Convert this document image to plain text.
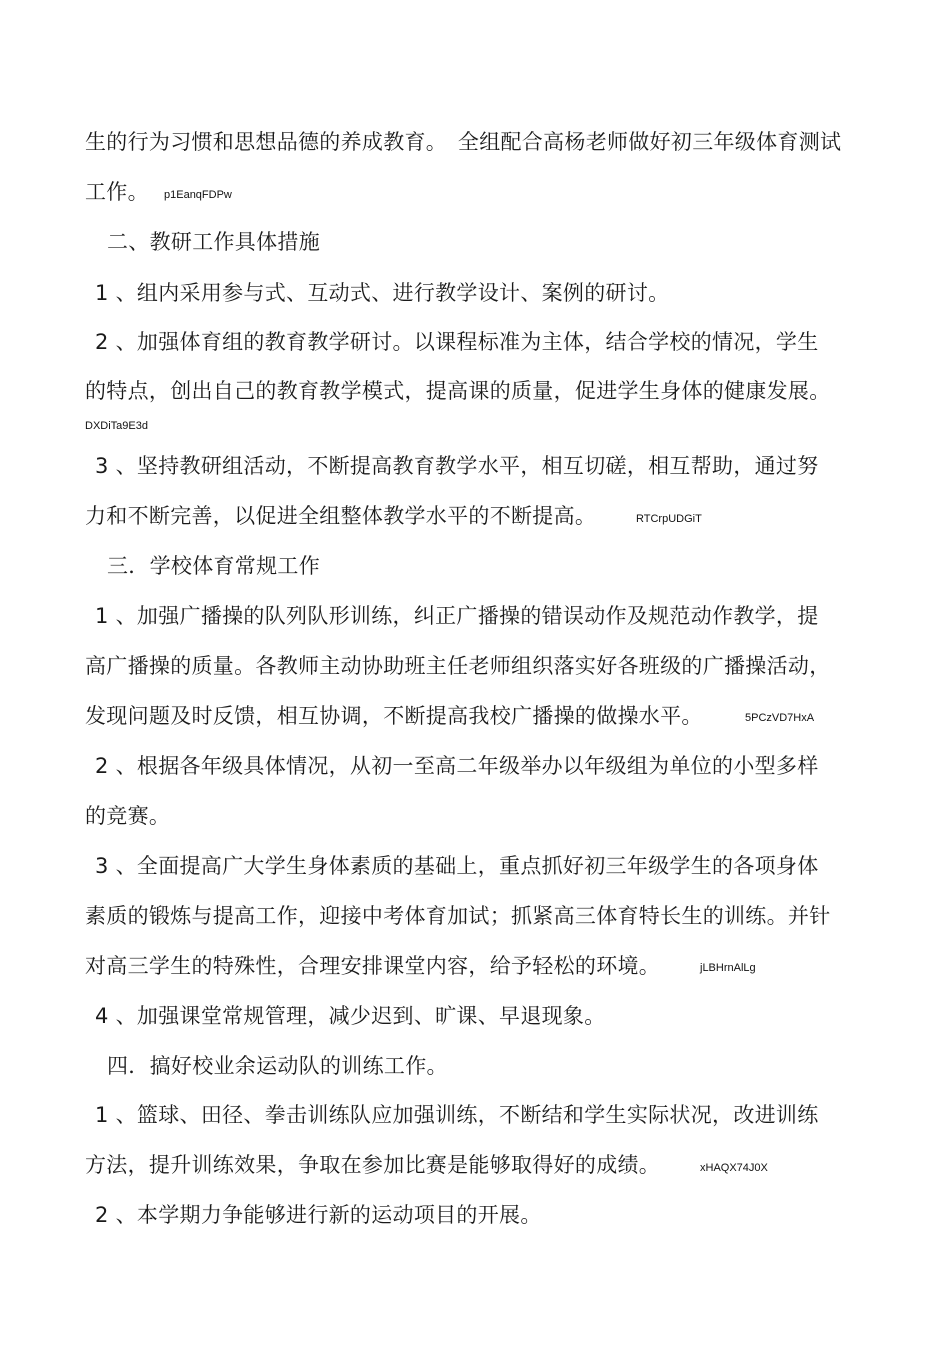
生的行为习惯和思想品德的养成教育。　全组配合高杨老师做好初三年级体育测试
工作。
二、教研工作具体措施
1 、组内采用参与式、互动式、进行教学设计、案例的研讨。
2 、加强体育组的教育教学研讨。以课程标准为主体，结合学校的情况，学生
的特点，创出自己的教育教学模式，提高课的质量，促进学生身体的健康发展。
3 、坚持教研组活动，不断提高教育教学水平，相互切磋，相互帮助，通过努
力和不断完善，以促进全组整体教学水平的不断提高。
三．学校体育常规工作
1 、加强广播操的队列队形训练，纠正广播操的错误动作及规范动作教学，提
高广播操的质量。各教师主动协助班主任老师组织落实好各班级的广播操活动，
发现问题及时反馈，相互协调，不断提高我校广播操的做操水平。
2 、根据各年级具体情况，从初一至高二年级举办以年级组为单位的小型多样
的竞赛。
3 、全面提高广大学生身体素质的基础上，重点抓好初三年级学生的各项身体
素质的锻炼与提高工作，迎接中考体育加试；抓紧高三体育特长生的训练。并针
对高三学生的特殊性，合理安排课堂内容，给予轻松的环境。
4 、加强课堂常规管理，减少迟到、旷课、早退现象。
四．搞好校业余运动队的训练工作。
1 、篮球、田径、拳击训练队应加强训练，不断结和学生实际状况，改进训练
方法，提升训练效果，争取在参加比赛是能够取得好的成绩。
2 、本学期力争能够进行新的运动项目的开展。
p1EanqFDPw
DXDiTa9E3d
RTCrpUDGiT
5PCzVD7HxA
jLBHrnAlLg
xHAQX74J0X
